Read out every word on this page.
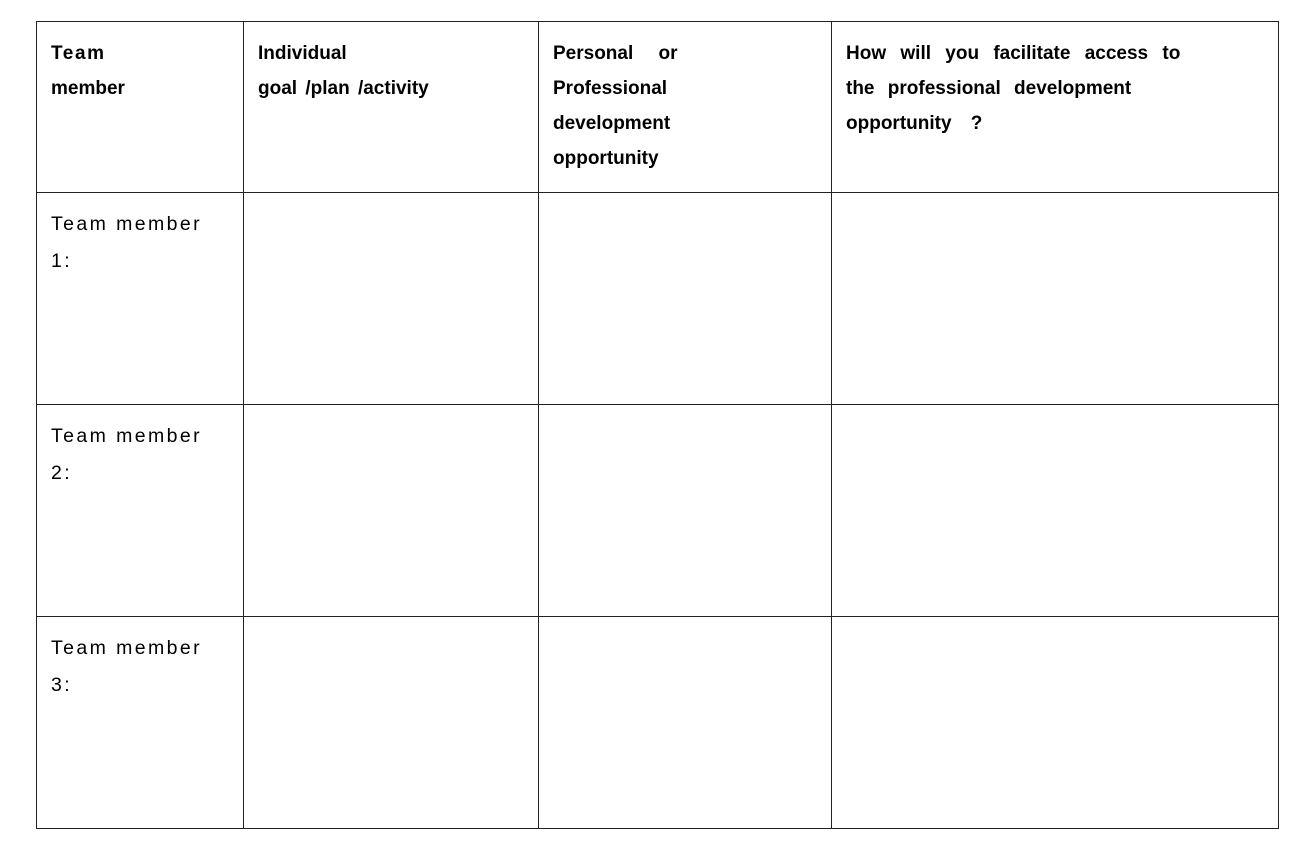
Team
member	Individual
goal /plan /activity	Personal or
Professional
development
opportunity	How will you facilitate access to
the professional development
opportunity ?

Team member
1:			

Team member
2:			

Team member
3:			
